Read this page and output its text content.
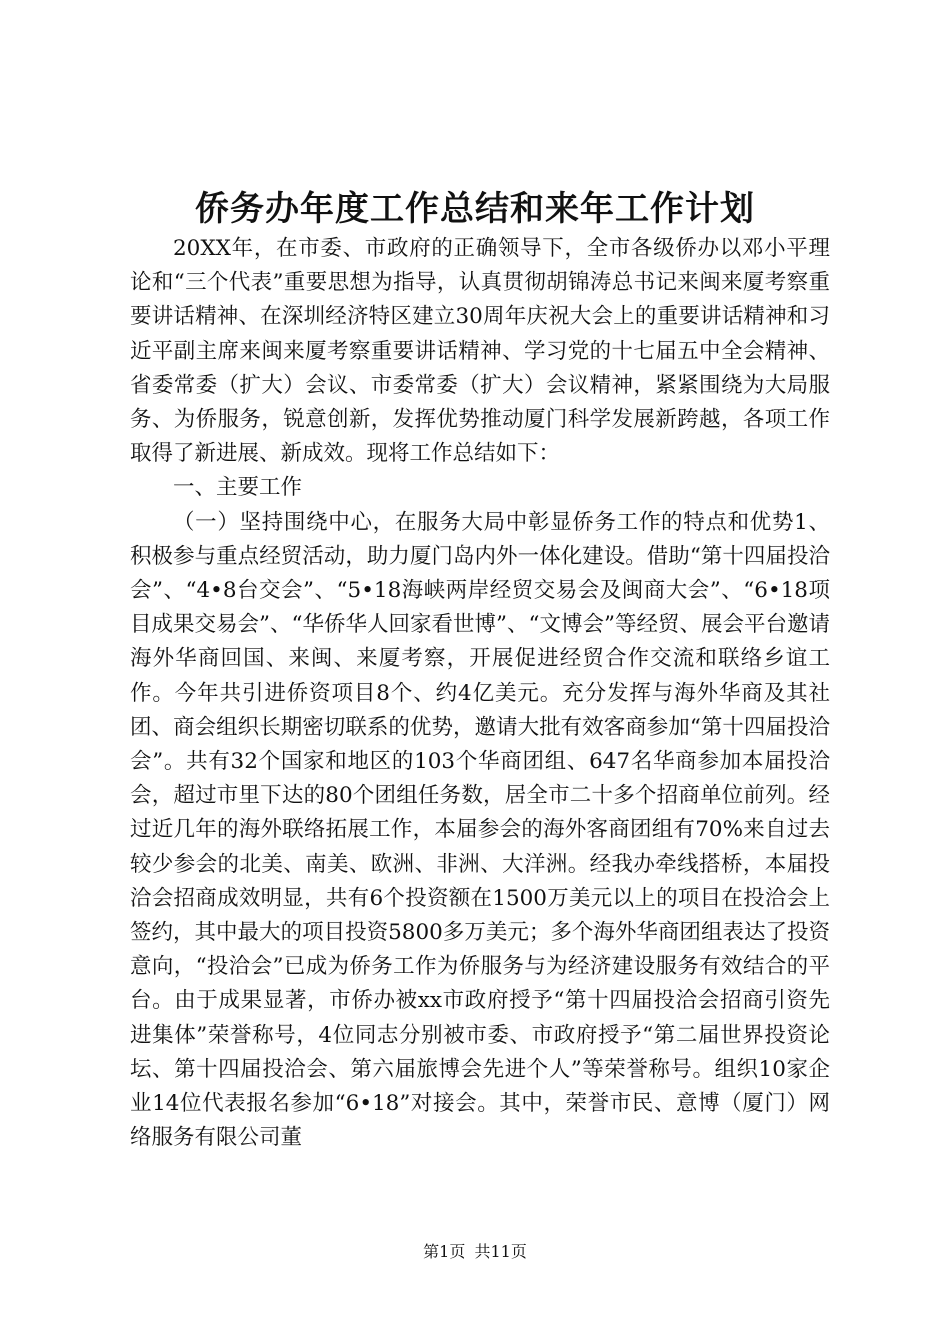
侨务办年度工作总结和来年工作计划

20XX年，在市委、市政府的正确领导下，全市各级侨办以邓小平理论和“三个代表”重要思想为指导，认真贯彻胡锦涛总书记来闽来厦考察重要讲话精神、在深圳经济特区建立30周年庆祝大会上的重要讲话精神和习近平副主席来闽来厦考察重要讲话精神、学习党的十七届五中全会精神、省委常委（扩大）会议、市委常委（扩大）会议精神，紧紧围绕为大局服务、为侨服务，锐意创新，发挥优势推动厦门科学发展新跨越，各项工作取得了新进展、新成效。现将工作总结如下：

一、主要工作

（一）坚持围绕中心，在服务大局中彰显侨务工作的特点和优势1、积极参与重点经贸活动，助力厦门岛内外一体化建设。借助“第十四届投洽会”、“4•8台交会”、“5•18海峡两岸经贸交易会及闽商大会”、“6•18项目成果交易会”、“华侨华人回家看世博”、“文博会”等经贸、展会平台邀请海外华商回国、来闽、来厦考察，开展促进经贸合作交流和联络乡谊工作。今年共引进侨资项目8个、约4亿美元。充分发挥与海外华商及其社团、商会组织长期密切联系的优势，邀请大批有效客商参加“第十四届投洽会”。共有32个国家和地区的103个华商团组、647名华商参加本届投洽会，超过市里下达的80个团组任务数，居全市二十多个招商单位前列。经过近几年的海外联络拓展工作，本届参会的海外客商团组有70%来自过去较少参会的北美、南美、欧洲、非洲、大洋洲。经我办牵线搭桥，本届投洽会招商成效明显，共有6个投资额在1500万美元以上的项目在投洽会上签约，其中最大的项目投资5800多万美元；多个海外华商团组表达了投资意向，“投洽会”已成为侨务工作为侨服务与为经济建设服务有效结合的平台。由于成果显著，市侨办被xx市政府授予“第十四届投洽会招商引资先进集体”荣誉称号，4位同志分别被市委、市政府授予“第二届世界投资论坛、第十四届投洽会、第六届旅博会先进个人”等荣誉称号。组织10家企业14位代表报名参加“6•18”对接会。其中，荣誉市民、意博（厦门）网络服务有限公司董

第1页 共11页
